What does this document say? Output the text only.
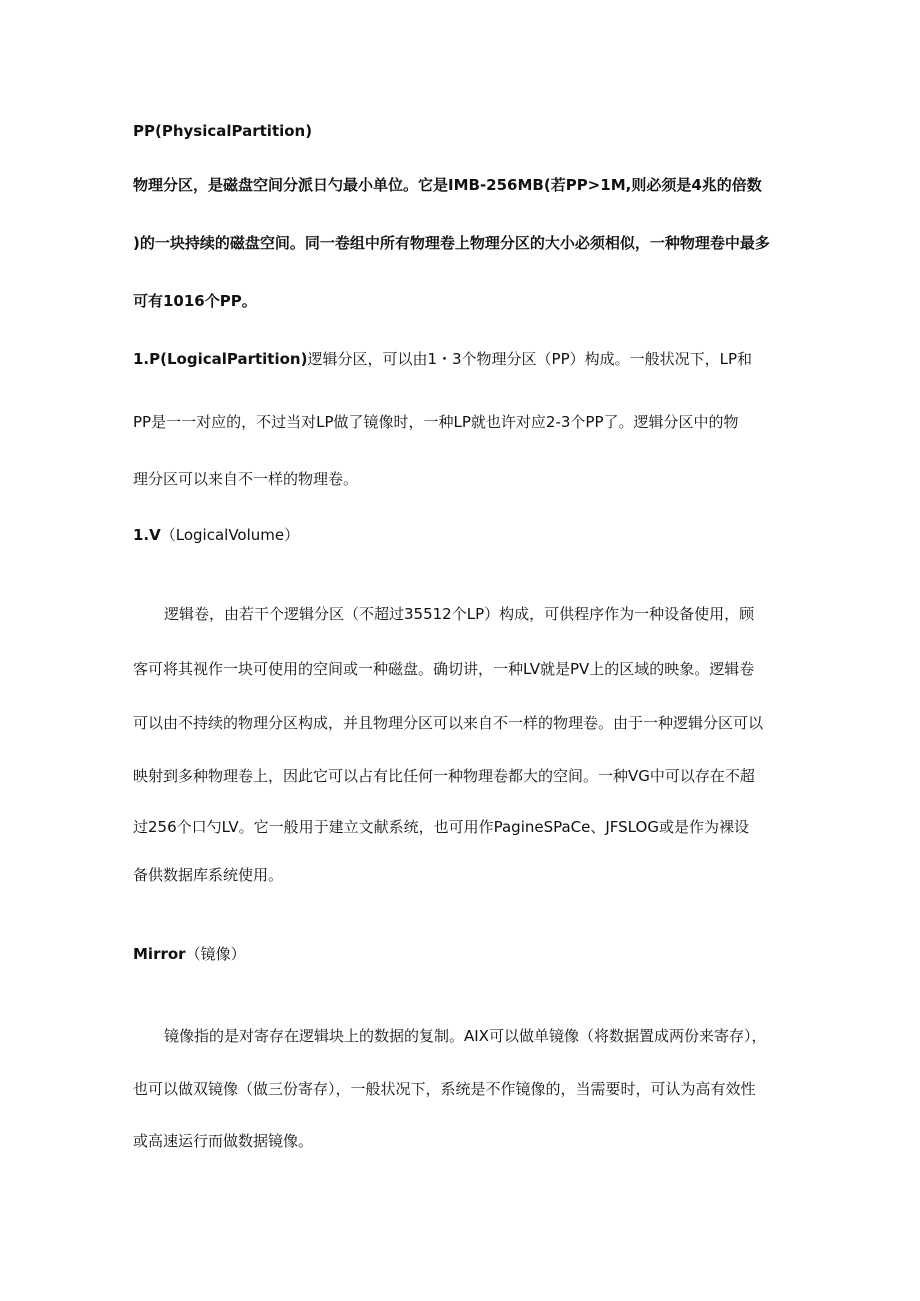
PP(PhysicalPartition)
物理分区，是磁盘空间分派日勺最小单位。它是IMB-256MB(若PP>1M,则必须是4兆的倍数
)的一块持续的磁盘空间。同一卷组中所有物理卷上物理分区的大小必须相似，一种物理卷中最多
可有1016个PP。
1.P(LogicalPartition)逻辑分区，可以由1・3个物理分区（PP）构成。一般状况下，LP和
PP是一一对应的，不过当对LP做了镜像时，一种LP就也许对应2-3个PP了。逻辑分区中的物
理分区可以来自不一样的物理卷。
1.V（LogicalVolume）
逻辑卷，由若干个逻辑分区（不超过35512个LP）构成，可供程序作为一种设备使用，顾
客可将其视作一块可使用的空间或一种磁盘。确切讲，一种LV就是PV上的区域的映象。逻辑卷
可以由不持续的物理分区构成，并且物理分区可以来自不一样的物理卷。由于一种逻辑分区可以
映射到多种物理卷上，因此它可以占有比任何一种物理卷都大的空间。一种VG中可以存在不超
过256个口勺LV。它一般用于建立文献系统，也可用作PagineSPaCe、JFSLOG或是作为裸设
备供数据库系统使用。
Mirror（镜像）
镜像指的是对寄存在逻辑块上的数据的复制。AIX可以做单镜像（将数据置成两份来寄存），
也可以做双镜像（做三份寄存），一般状况下，系统是不作镜像的，当需要时，可认为高有效性
或高速运行而做数据镜像。
